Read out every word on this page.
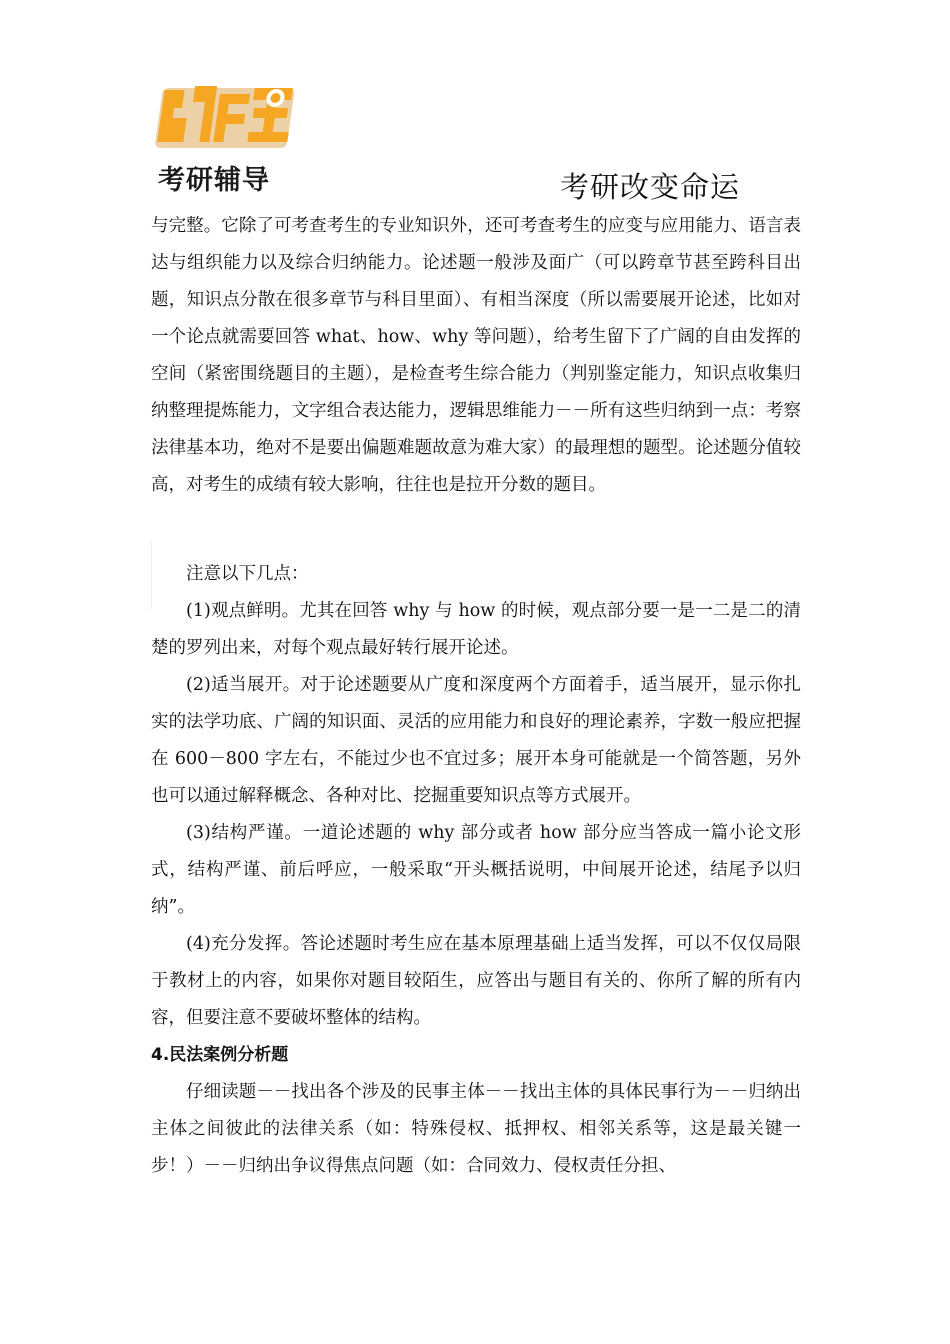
考研辅导	考研改变命运

与完整。它除了可考查考生的专业知识外，还可考查考生的应变与应用能力、语言表达与组织能力以及综合归纳能力。论述题一般涉及面广（可以跨章节甚至跨科目出题，知识点分散在很多章节与科目里面）、有相当深度（所以需要展开论述，比如对一个论点就需要回答 what、how、why 等问题），给考生留下了广阔的自由发挥的空间（紧密围绕题目的主题），是检查考生综合能力（判别鉴定能力，知识点收集归纳整理提炼能力，文字组合表达能力，逻辑思维能力－－所有这些归纳到一点：考察法律基本功，绝对不是要出偏题难题故意为难大家）的最理想的题型。论述题分值较高，对考生的成绩有较大影响，往往也是拉开分数的题目。

注意以下几点：

(1)观点鲜明。尤其在回答 why 与 how 的时候，观点部分要一是一二是二的清楚的罗列出来，对每个观点最好转行展开论述。

(2)适当展开。对于论述题要从广度和深度两个方面着手，适当展开，显示你扎实的法学功底、广阔的知识面、灵活的应用能力和良好的理论素养，字数一般应把握在 600－800 字左右，不能过少也不宜过多；展开本身可能就是一个简答题，另外也可以通过解释概念、各种对比、挖掘重要知识点等方式展开。

(3)结构严谨。一道论述题的 why 部分或者 how 部分应当答成一篇小论文形式，结构严谨、前后呼应，一般采取“开头概括说明，中间展开论述，结尾予以归纳”。

(4)充分发挥。答论述题时考生应在基本原理基础上适当发挥，可以不仅仅局限于教材上的内容，如果你对题目较陌生，应答出与题目有关的、你所了解的所有内容，但要注意不要破坏整体的结构。

4.民法案例分析题

仔细读题－－找出各个涉及的民事主体－－找出主体的具体民事行为－－归纳出主体之间彼此的法律关系（如：特殊侵权、抵押权、相邻关系等，这是最关键一步！）－－归纳出争议得焦点问题（如：合同效力、侵权责任分担、
